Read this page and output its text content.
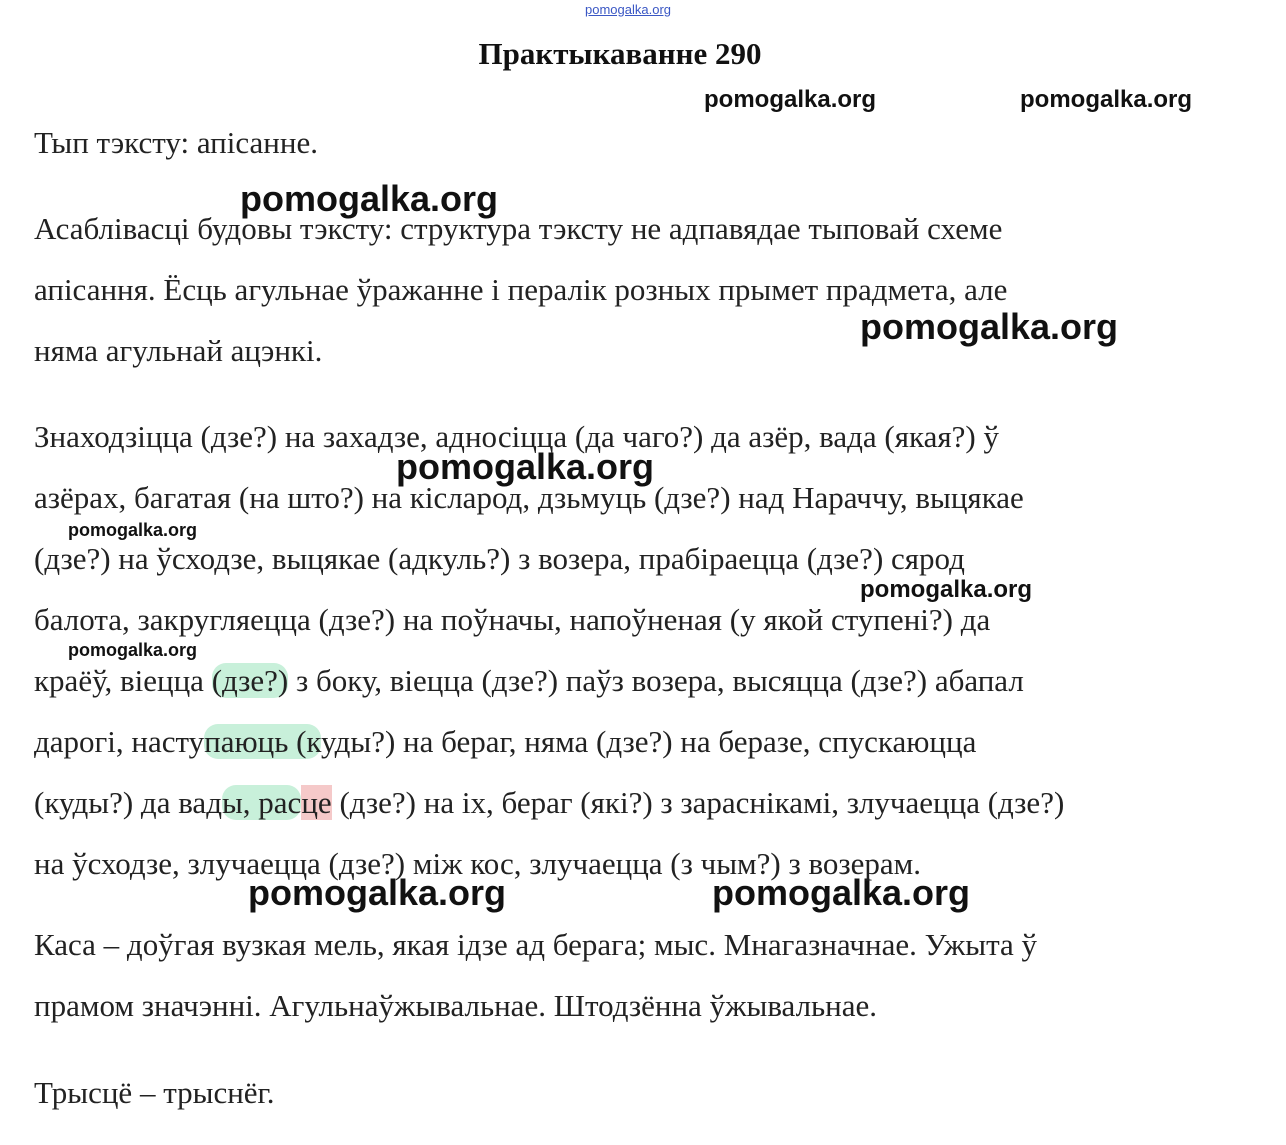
pomogalka.org
pomogalka.org	pomogalka.org
pomogalka.org
pomogalka.org
pomogalka.org
pomogalka.org
pomogalka.org
pomogalka.org
pomogalka.org	pomogalka.org
Практыкаванне 290
Тып тэксту: апісанне.
Асаблівасці будовы тэксту: структура тэксту не адпавядае тыповай схеме
апісання. Ёсць агульнае ўражанне і пералік розных прымет прадмета, але
няма агульнай ацэнкі.
Знаходзіцца (дзе?) на захадзе, адносіцца (да чаго?) да азёр, вада (якая?) ў
азёрах, багатая (на што?) на кісларод, дзьмуць (дзе?) над Нараччу, выцякае
(дзе?) на ўсходзе, выцякае (адкуль?) з возера, прабіраецца (дзе?) сярод
балота, закругляецца (дзе?) на поўначы, напоўненая (у якой ступені?) да
краёў, віецца (дзе?) з боку, віецца (дзе?) паўз возера, высяцца (дзе?) абапал
дарогі, наступаюць (куды?) на бераг, няма (дзе?) на беразе, спускаюцца
(куды?) да вады, расце (дзе?) на іх, бераг (які?) з зараснікамі, злучаецца (дзе?)
на ўсходзе, злучаецца (дзе?) між кос, злучаецца (з чым?) з возерам.
Каса – доўгая вузкая мель, якая ідзе ад берага; мыс. Мнагазначнае. Ужыта ў
прамом значэнні. Агульнаўжывальнае. Штодзённа ўжывальнае.
Трысцё – трыснёг.
